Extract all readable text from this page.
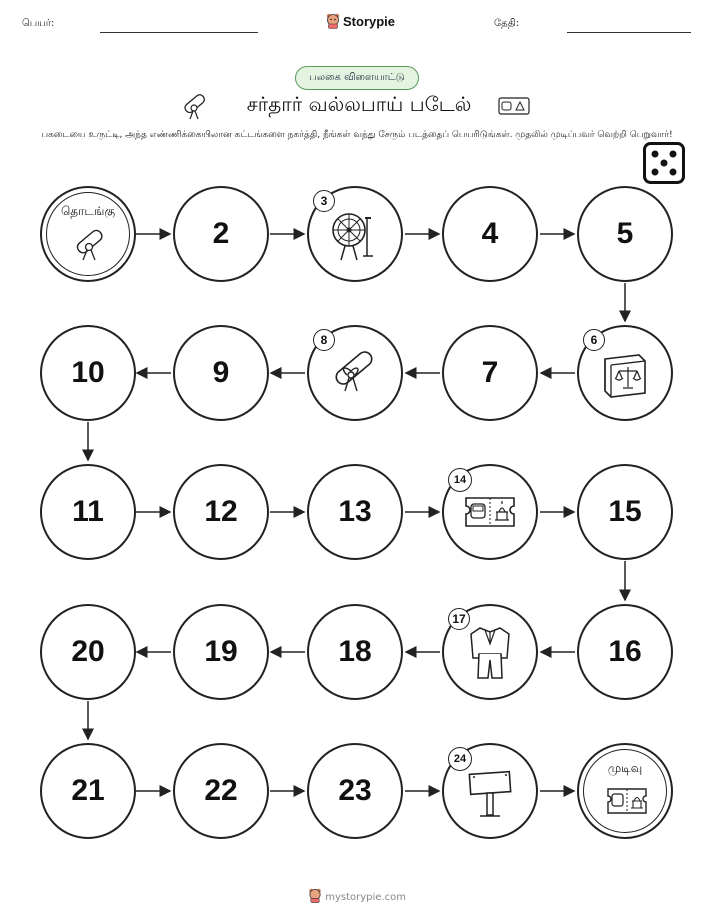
பெயர்:	Storypie	தேதி:
பலகை விளையாட்டு
சர்தார் வல்லபாய் படேல்
பகடையை உருட்டி, அந்த எண்ணிக்கையிலான கட்டங்களை நகர்த்தி, நீங்கள் வந்து சேரும் படத்தைப் பெயரிடுங்கள். முதலில் முடிப்பவர் வெற்றி பெறுவார்!
தொடங்கு
2
3
4	5
10	9
8
7
6
11	12	13
14
15
20	19	18
17
16
21	22	23
24
முடிவு
mystorypie.com
